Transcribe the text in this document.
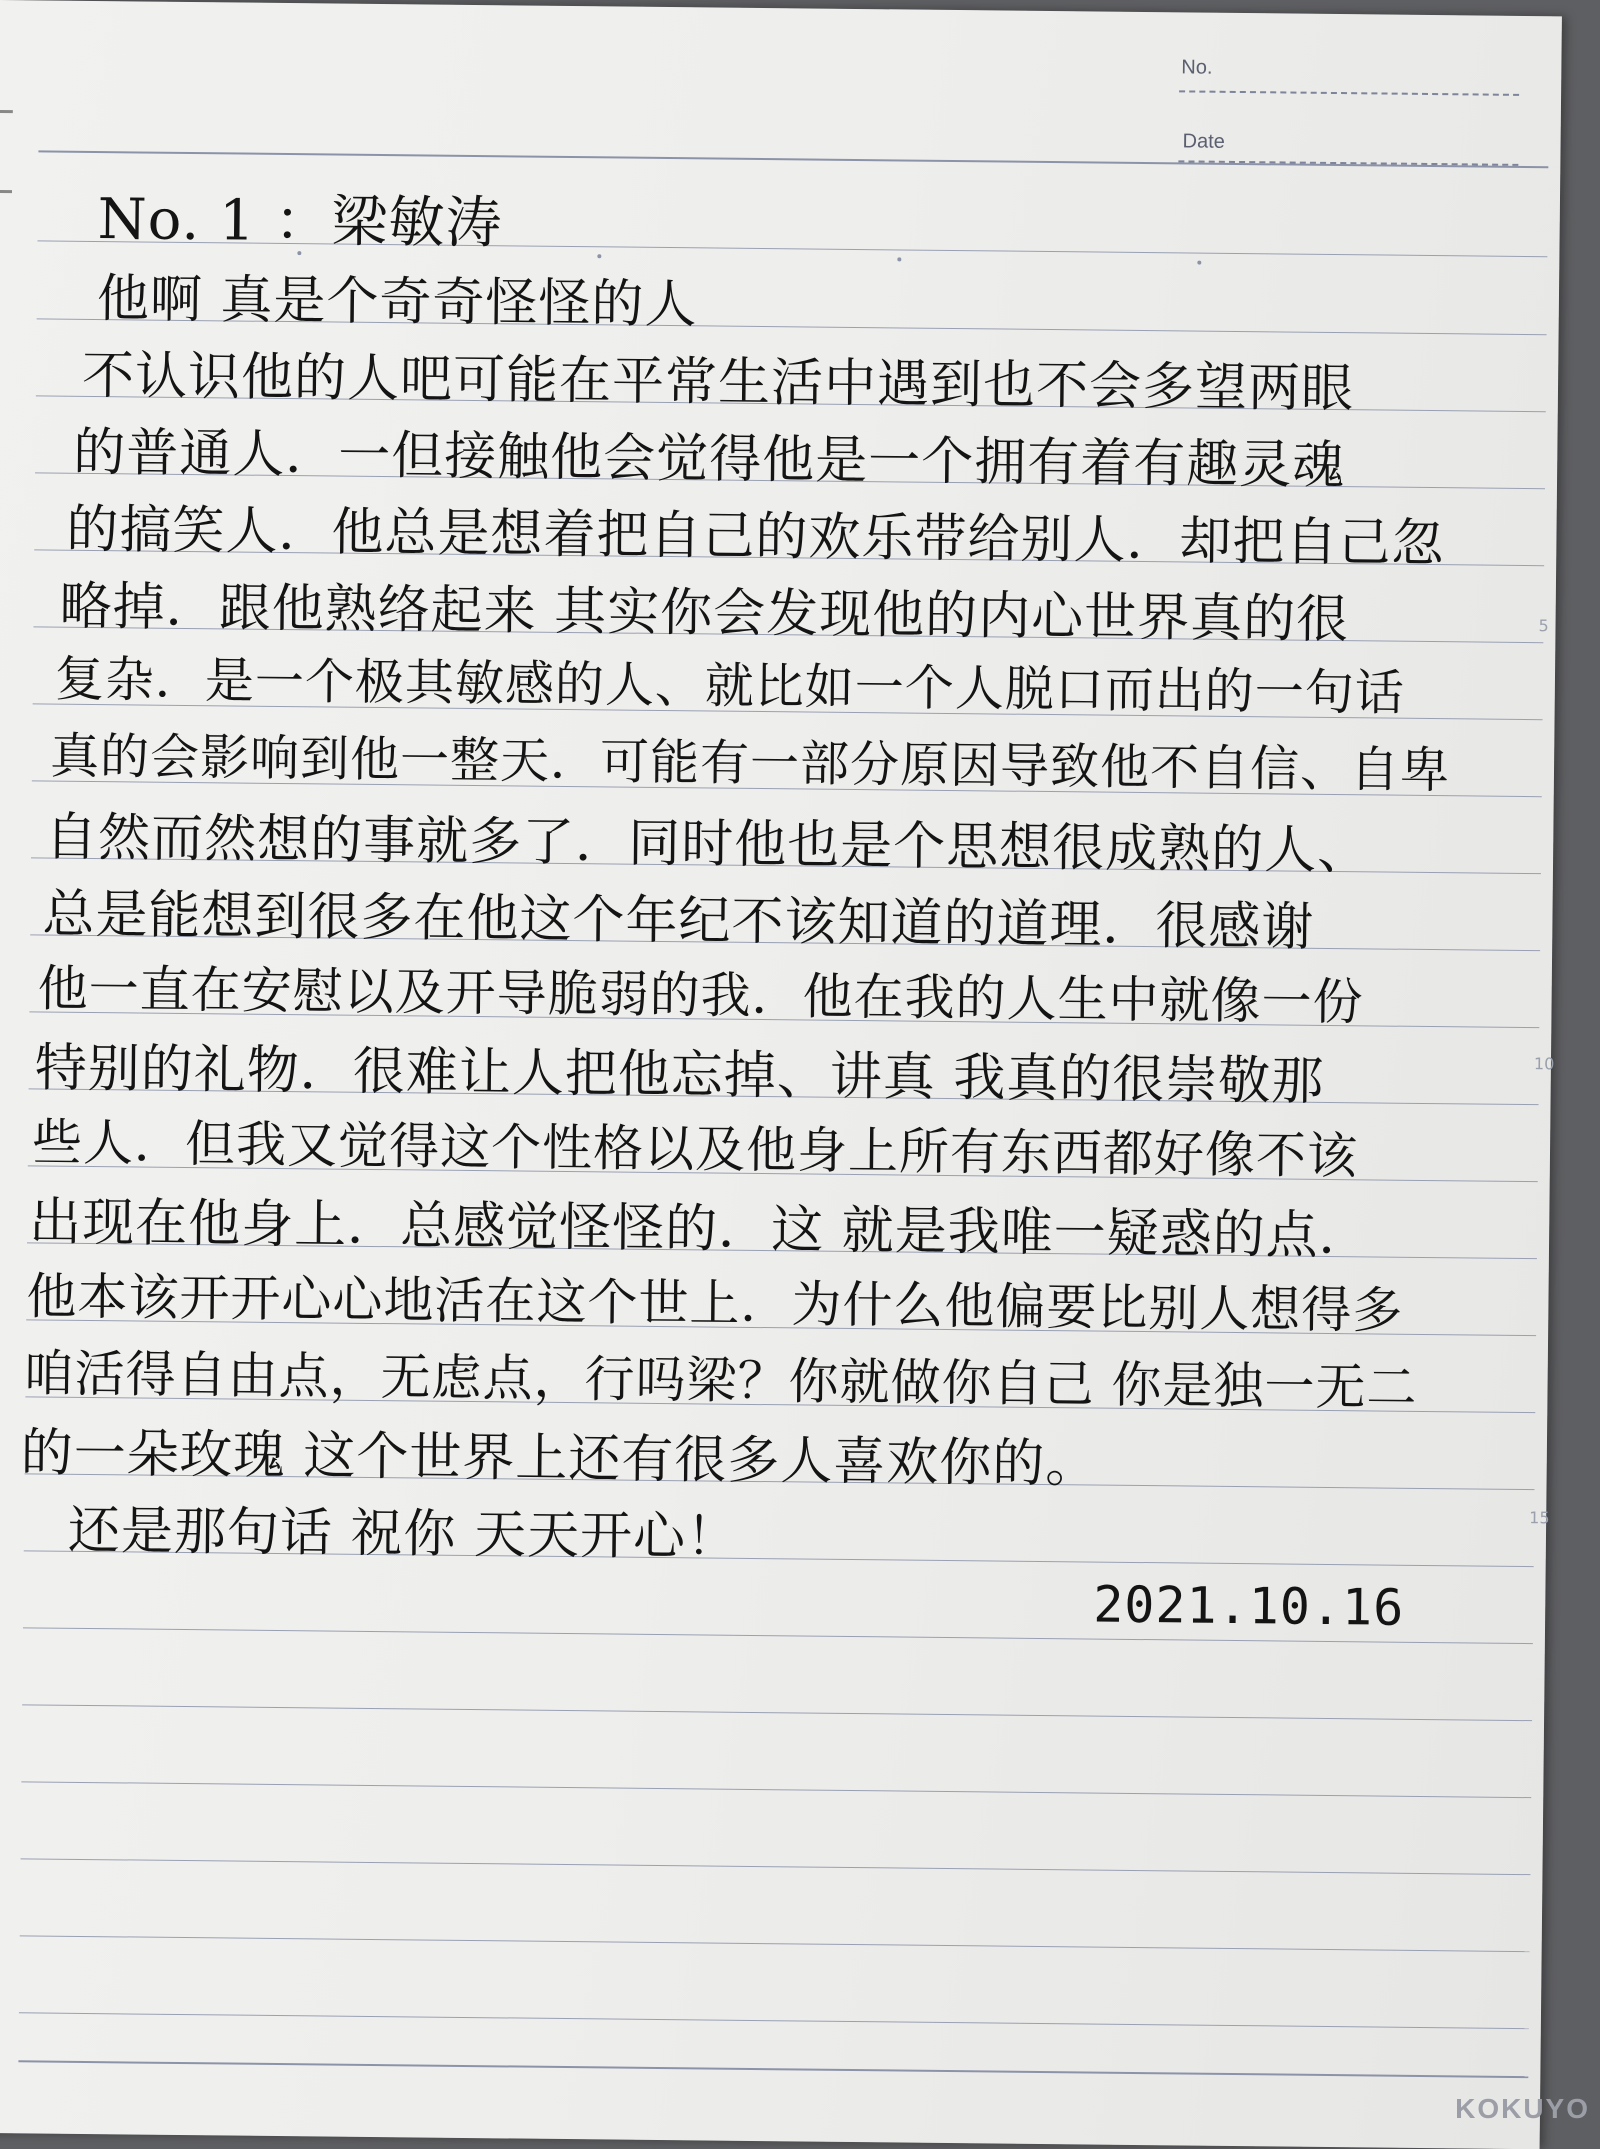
No.
Date
5
10
15
No. 1 ：梁敏涛
他啊 真是个奇奇怪怪的人
不认识他的人吧可能在平常生活中遇到也不会多望两眼
的普通人．一但接触他会觉得他是一个拥有着有趣灵魂
的搞笑人．他总是想着把自己的欢乐带给别人．却把自己忽
略掉．跟他熟络起来 其实你会发现他的内心世界真的很
复杂．是一个极其敏感的人、就比如一个人脱口而出的一句话
真的会影响到他一整天．可能有一部分原因导致他不自信、自卑
自然而然想的事就多了．同时他也是个思想很成熟的人、
总是能想到很多在他这个年纪不该知道的道理．很感谢
他一直在安慰以及开导脆弱的我．他在我的人生中就像一份
特别的礼物．很难让人把他忘掉、讲真 我真的很崇敬那
些人．但我又觉得这个性格以及他身上所有东西都好像不该
出现在他身上．总感觉怪怪的．这 就是我唯一疑惑的点．
他本该开开心心地活在这个世上．为什么他偏要比别人想得多
咱活得自由点，无虑点，行吗梁？你就做你自己 你是独一无二
的一朵玫瑰 这个世界上还有很多人喜欢你的。
还是那句话 祝你 天天开心！
2021.10.16
KOKUYO
